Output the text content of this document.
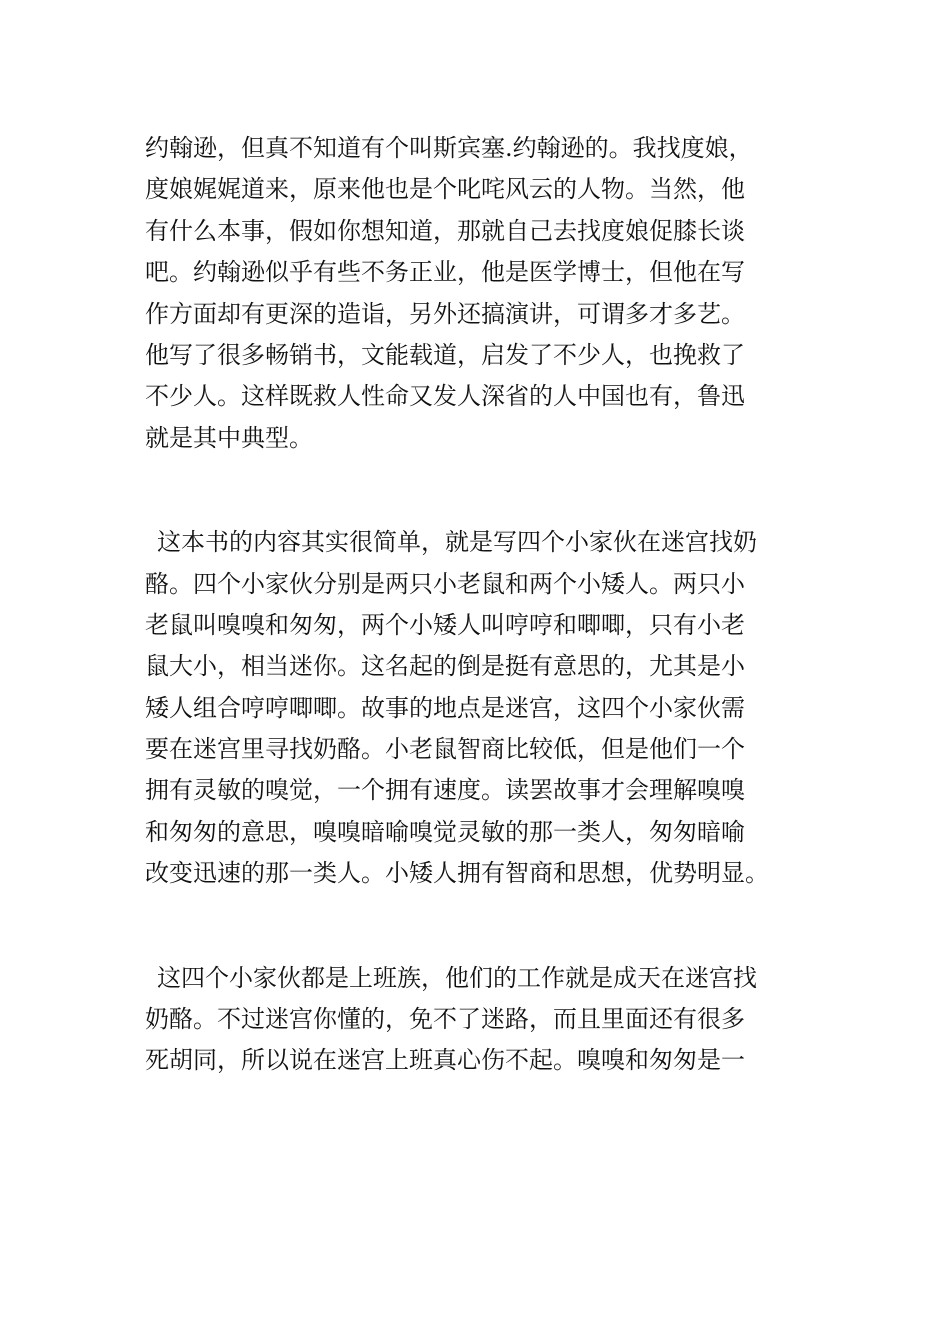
约翰逊，但真不知道有个叫斯宾塞.约翰逊的。我找度娘，
度娘娓娓道来，原来他也是个叱咤风云的人物。当然，他
有什么本事，假如你想知道，那就自己去找度娘促膝长谈
吧。约翰逊似乎有些不务正业，他是医学博士，但他在写
作方面却有更深的造诣，另外还搞演讲，可谓多才多艺。
他写了很多畅销书，文能载道，启发了不少人，也挽救了
不少人。这样既救人性命又发人深省的人中国也有，鲁迅
就是其中典型。
这本书的内容其实很简单，就是写四个小家伙在迷宫找奶
酪。四个小家伙分别是两只小老鼠和两个小矮人。两只小
老鼠叫嗅嗅和匆匆，两个小矮人叫哼哼和唧唧，只有小老
鼠大小，相当迷你。这名起的倒是挺有意思的，尤其是小
矮人组合哼哼唧唧。故事的地点是迷宫，这四个小家伙需
要在迷宫里寻找奶酪。小老鼠智商比较低，但是他们一个
拥有灵敏的嗅觉，一个拥有速度。读罢故事才会理解嗅嗅
和匆匆的意思，嗅嗅暗喻嗅觉灵敏的那一类人，匆匆暗喻
改变迅速的那一类人。小矮人拥有智商和思想，优势明显。
这四个小家伙都是上班族，他们的工作就是成天在迷宫找
奶酪。不过迷宫你懂的，免不了迷路，而且里面还有很多
死胡同，所以说在迷宫上班真心伤不起。嗅嗅和匆匆是一
